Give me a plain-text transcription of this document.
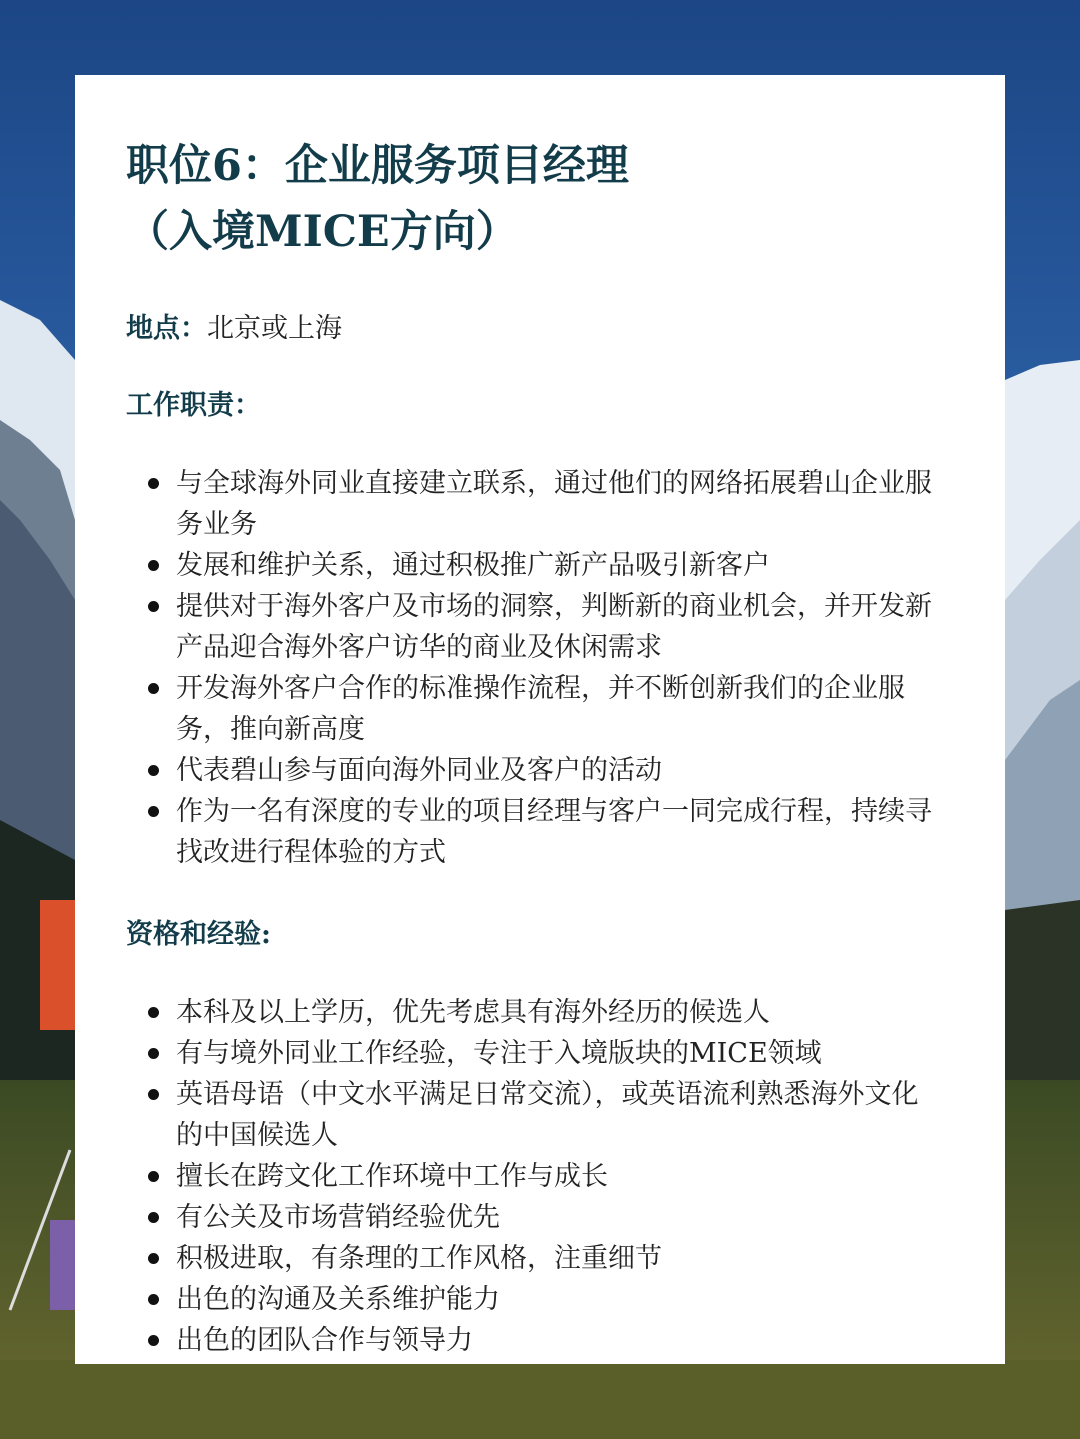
职位6：企业服务项目经理
（入境MICE方向）
地点：北京或上海
工作职责：
与全球海外同业直接建立联系，通过他们的网络拓展碧山企业服务业务
发展和维护关系，通过积极推广新产品吸引新客户
提供对于海外客户及市场的洞察，判断新的商业机会，并开发新产品迎合海外客户访华的商业及休闲需求
开发海外客户合作的标准操作流程，并不断创新我们的企业服务，推向新高度
代表碧山参与面向海外同业及客户的活动
作为一名有深度的专业的项目经理与客户一同完成行程，持续寻找改进行程体验的方式
资格和经验:
本科及以上学历，优先考虑具有海外经历的候选人
有与境外同业工作经验，专注于入境版块的MICE领域
英语母语（中文水平满足日常交流），或英语流利熟悉海外文化的中国候选人
擅长在跨文化工作环境中工作与成长
有公关及市场营销经验优先
积极进取，有条理的工作风格，注重细节
出色的沟通及关系维护能力
出色的团队合作与领导力
